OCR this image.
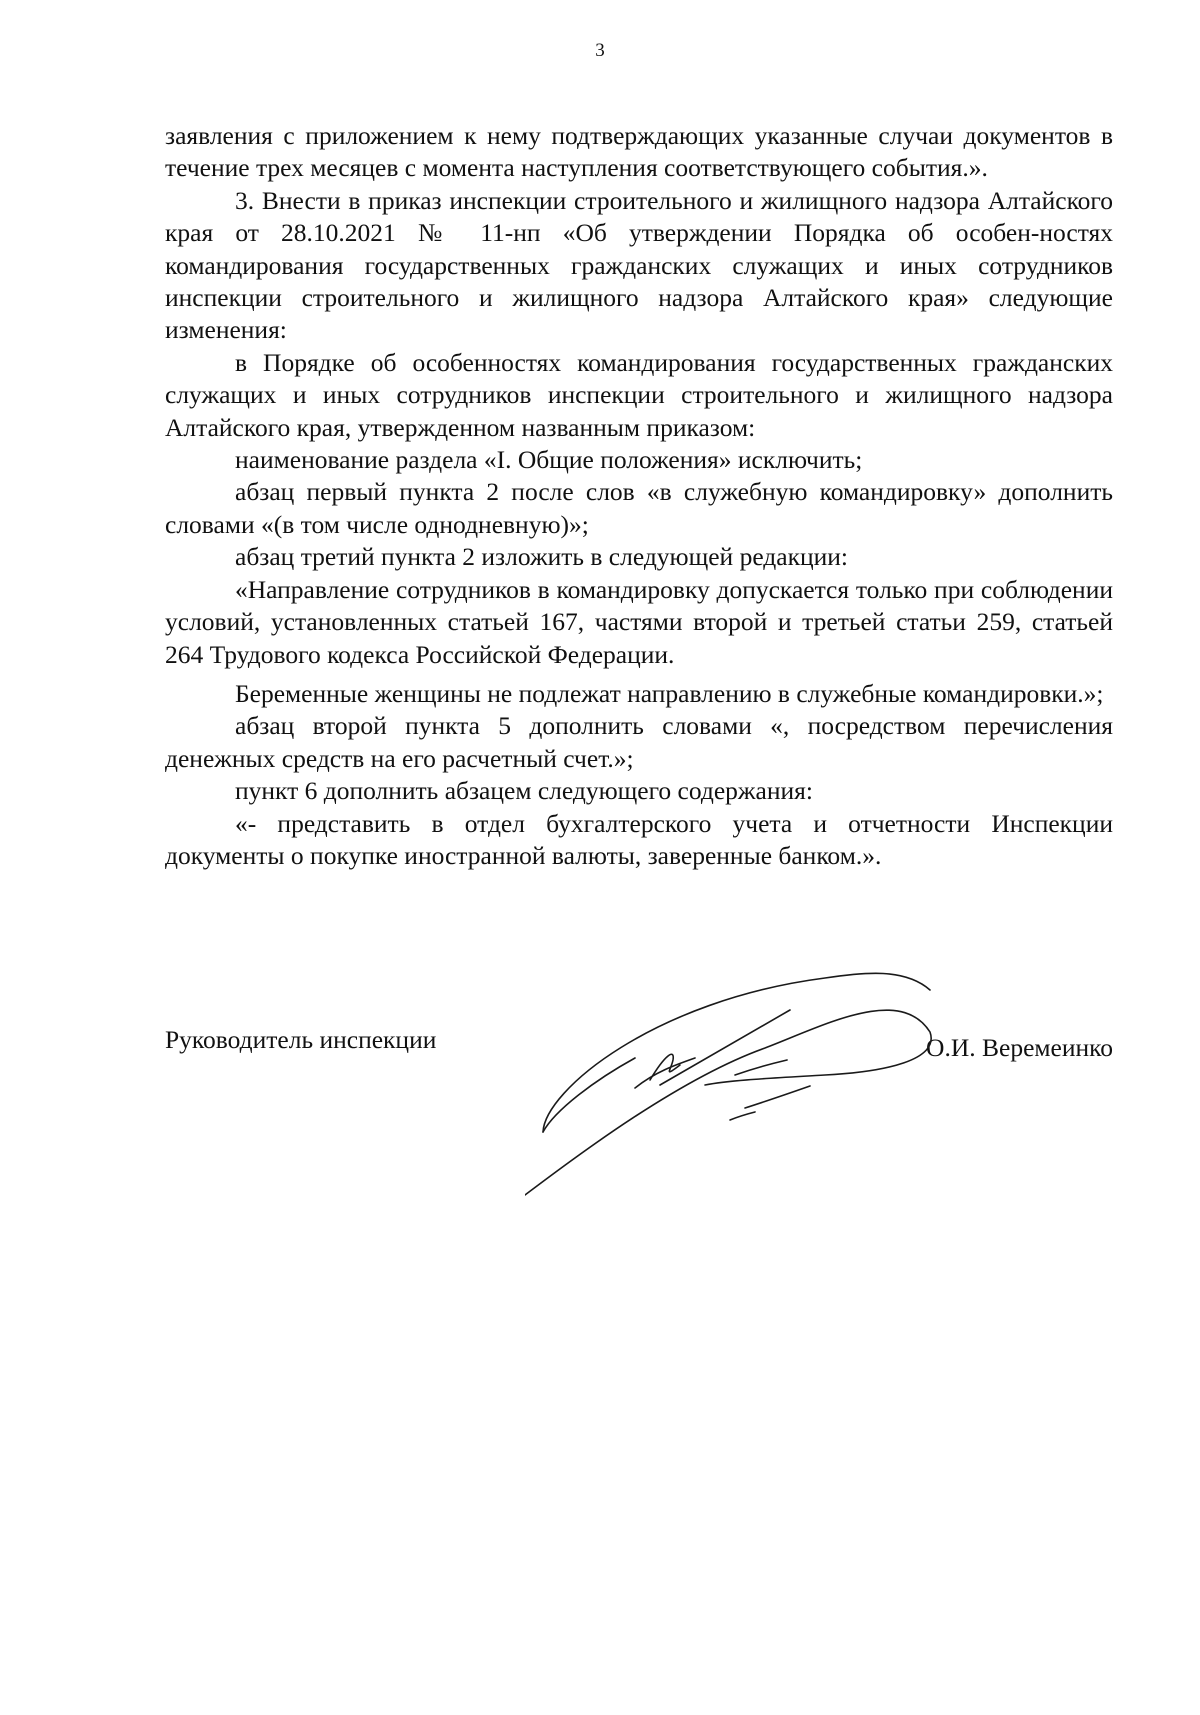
3

заявления с приложением к нему подтверждающих указанные случаи документов в течение трех месяцев с момента наступления соответствующего события.».

3. Внести в приказ инспекции строительного и жилищного надзора Алтайского края от 28.10.2021 № 11-нп «Об утверждении Порядка об особен-ностях командирования государственных гражданских служащих и иных сотрудников инспекции строительного и жилищного надзора Алтайского края» следующие изменения:

в Порядке об особенностях командирования государственных гражданских служащих и иных сотрудников инспекции строительного и жилищного надзора Алтайского края, утвержденном названным приказом:

наименование раздела «I. Общие положения» исключить;

абзац первый пункта 2 после слов «в служебную командировку» дополнить словами «(в том числе однодневную)»;

абзац третий пункта 2 изложить в следующей редакции:

«Направление сотрудников в командировку допускается только при соблюдении условий, установленных статьей 167, частями второй и третьей статьи 259, статьей 264 Трудового кодекса Российской Федерации.

Беременные женщины не подлежат направлению в служебные командировки.»;

абзац второй пункта 5 дополнить словами «, посредством перечисления денежных средств на его расчетный счет.»;

пункт 6 дополнить абзацем следующего содержания:

«- представить в отдел бухгалтерского учета и отчетности Инспекции документы о покупке иностранной валюты, заверенные банком.».

Руководитель инспекции	О.И. Веремеинко
